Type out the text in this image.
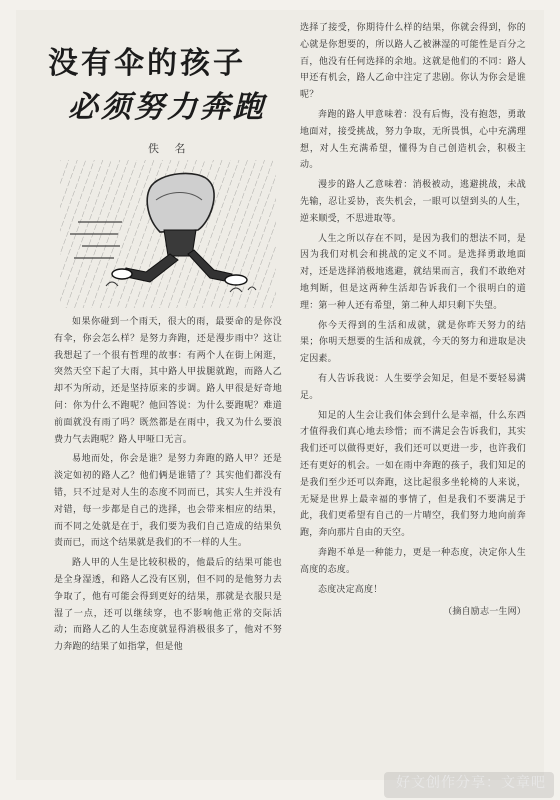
没有伞的孩子
必须努力奔跑
佚 名

如果你碰到一个雨天，很大的雨，最要命的是你没有伞，你会怎么样？是努力奔跑，还是漫步雨中？这让我想起了一个很有哲理的故事：有两个人在街上闲逛，突然天空下起了大雨，其中路人甲拔腿就跑，而路人乙却不为所动，还是坚持原来的步调。路人甲很是好奇地问：你为什么不跑呢？他回答说：为什么要跑呢？难道前面就没有雨了吗？既然都是在雨中，我又为什么要浪费力气去跑呢？路人甲哑口无言。

易地而处，你会是谁？是努力奔跑的路人甲？还是淡定如初的路人乙？他们俩是谁错了？其实他们都没有错，只不过是对人生的态度不同而已，其实人生并没有对错，每一步都是自己的选择，也会带来相应的结果，而不同之处就是在于，我们要为我们自己造成的结果负责而已，而这个结果就是我们的不一样的人生。

路人甲的人生是比较积极的，他最后的结果可能也是全身湿透，和路人乙没有区别，但不同的是他努力去争取了，他有可能会得到更好的结果，那就是衣服只是湿了一点，还可以继续穿，也不影响他正常的交际活动；而路人乙的人生态度就显得消极很多了，他对不努力奔跑的结果了如指掌，但是他

选择了接受，你期待什么样的结果，你就会得到，你的心就是你想要的，所以路人乙被淋湿的可能性是百分之百，他没有任何选择的余地。这就是他们的不同：路人甲还有机会，路人乙命中注定了悲剧。你认为你会是谁呢？

奔跑的路人甲意味着：没有后悔，没有抱怨，勇敢地面对，接受挑战，努力争取，无所畏惧，心中充满理想，对人生充满希望，懂得为自己创造机会，积极主动。

漫步的路人乙意味着：消极被动，逃避挑战，未战先输，忍让妥协，丧失机会，一眼可以望到头的人生，逆来顺受，不思进取等。

人生之所以存在不同，是因为我们的想法不同，是因为我们对机会和挑战的定义不同。是选择勇敢地面对，还是选择消极地逃避，就结果而言，我们不敢绝对地判断，但是这两种生活却告诉我们一个很明白的道理：第一种人还有希望，第二种人却只剩下失望。

你今天得到的生活和成就，就是你昨天努力的结果；你明天想要的生活和成就，今天的努力和进取是决定因素。

有人告诉我说：人生要学会知足，但是不要轻易满足。

知足的人生会让我们体会到什么是幸福，什么东西才值得我们真心地去珍惜；而不满足会告诉我们，其实我们还可以做得更好，我们还可以更进一步，也许我们还有更好的机会。一如在雨中奔跑的孩子，我们知足的是我们至少还可以奔跑，这比起很多坐轮椅的人来说，无疑是世界上最幸福的事情了，但是我们不要满足于此，我们更希望有自己的一片晴空，我们努力地向前奔跑，奔向那片自由的天空。

奔跑不单是一种能力，更是一种态度，决定你人生高度的态度。

态度决定高度！

（摘自励志一生网）

好文创作分享：文章吧
